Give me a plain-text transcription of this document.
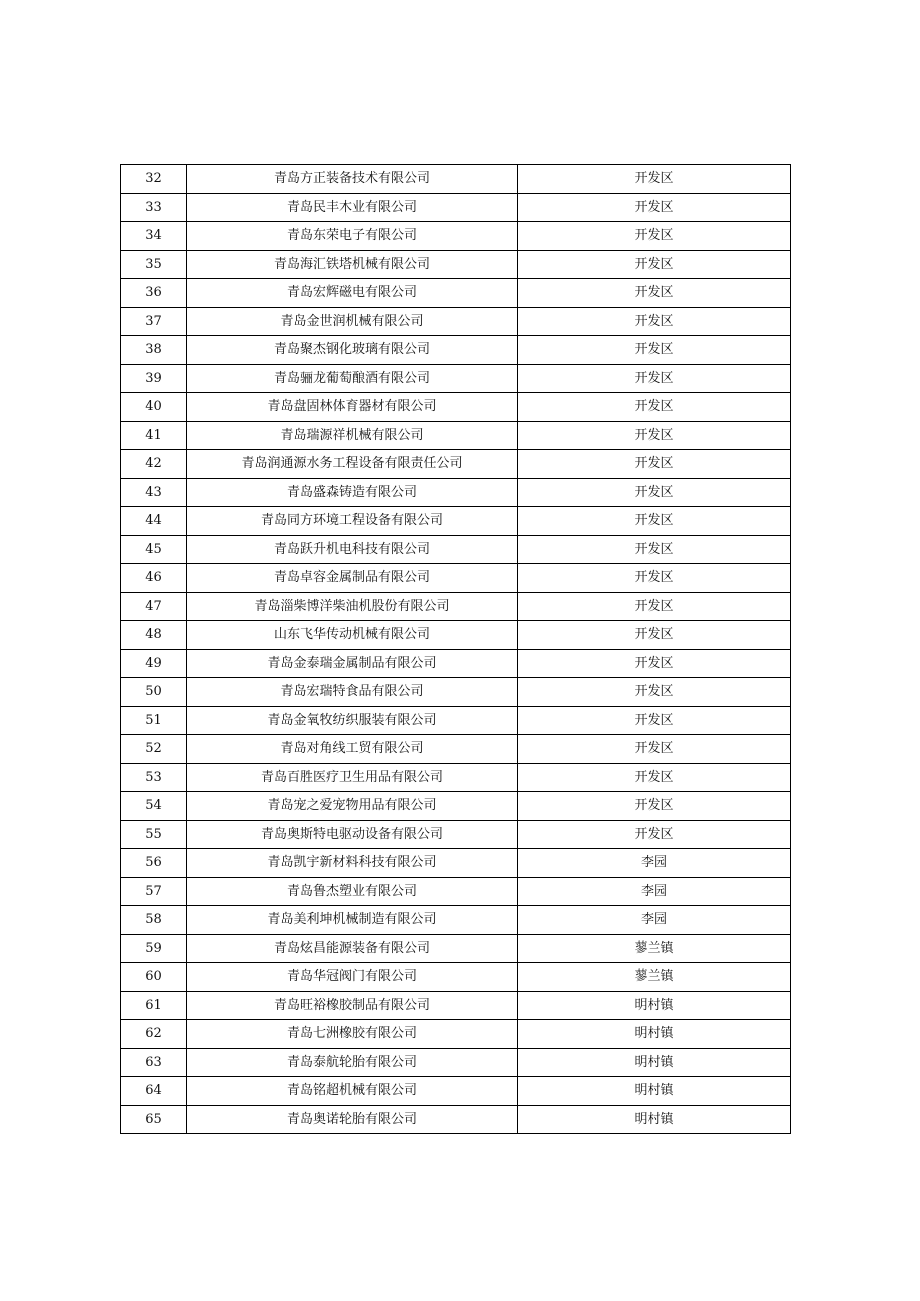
32	青岛方正装备技术有限公司	开发区
33	青岛民丰木业有限公司	开发区
34	青岛东荣电子有限公司	开发区
35	青岛海汇铁塔机械有限公司	开发区
36	青岛宏辉磁电有限公司	开发区
37	青岛金世润机械有限公司	开发区
38	青岛聚杰钢化玻璃有限公司	开发区
39	青岛骊龙葡萄酿酒有限公司	开发区
40	青岛盘固林体育器材有限公司	开发区
41	青岛瑞源祥机械有限公司	开发区
42	青岛润通源水务工程设备有限责任公司	开发区
43	青岛盛森铸造有限公司	开发区
44	青岛同方环境工程设备有限公司	开发区
45	青岛跃升机电科技有限公司	开发区
46	青岛卓容金属制品有限公司	开发区
47	青岛淄柴博洋柴油机股份有限公司	开发区
48	山东飞华传动机械有限公司	开发区
49	青岛金泰瑞金属制品有限公司	开发区
50	青岛宏瑞特食品有限公司	开发区
51	青岛金氧牧纺织服装有限公司	开发区
52	青岛对角线工贸有限公司	开发区
53	青岛百胜医疗卫生用品有限公司	开发区
54	青岛宠之爱宠物用品有限公司	开发区
55	青岛奥斯特电驱动设备有限公司	开发区
56	青岛凯宇新材料科技有限公司	李园
57	青岛鲁杰塑业有限公司	李园
58	青岛美利坤机械制造有限公司	李园
59	青岛炫昌能源装备有限公司	蓼兰镇
60	青岛华冠阀门有限公司	蓼兰镇
61	青岛旺裕橡胶制品有限公司	明村镇
62	青岛七洲橡胶有限公司	明村镇
63	青岛泰航轮胎有限公司	明村镇
64	青岛铭超机械有限公司	明村镇
65	青岛奥诺轮胎有限公司	明村镇
